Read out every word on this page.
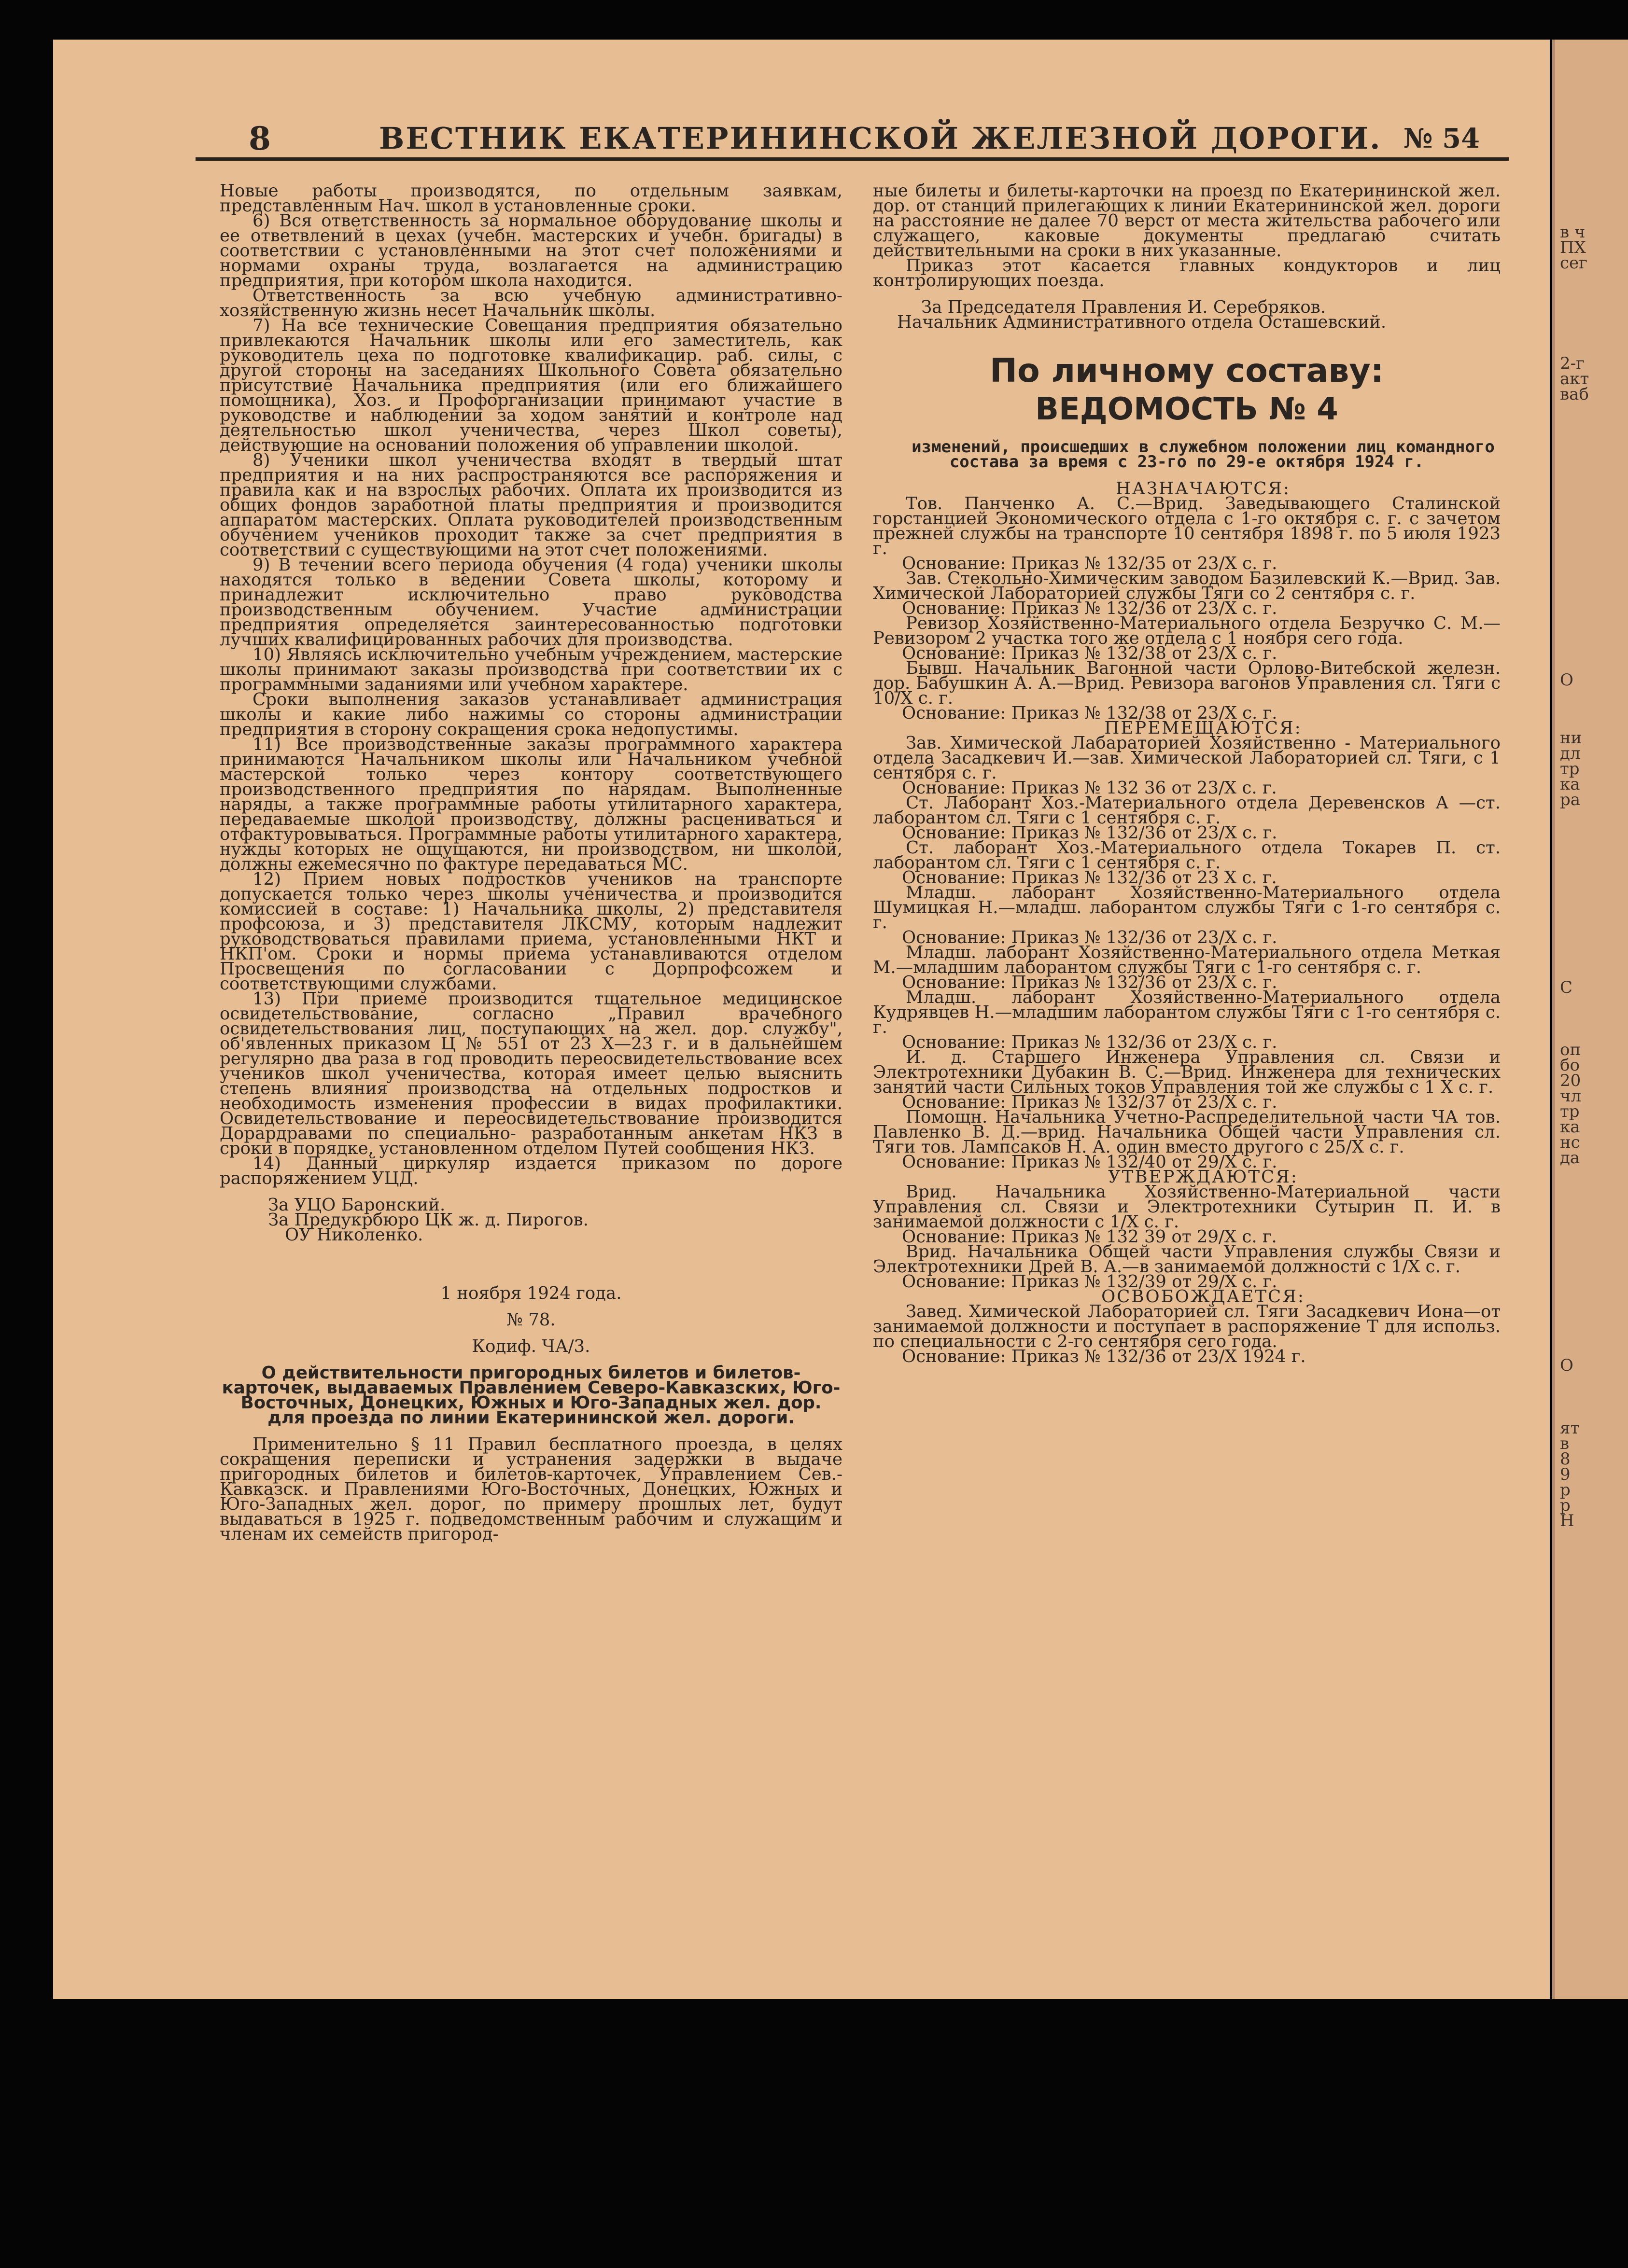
в ч
ПХ
сег
2-г
акт
ваб
О
ни
дл
тр
ка
ра
С
оп
бо
20
чл
тр
ка
нс
да
О
ят
в
8
9
р
р
Н
8	ВЕСТНИК ЕКАТЕРИНИНСКОЙ ЖЕЛЕЗНОЙ ДОРОГИ. № 54

Новые работы производятся, по отдельным заявкам, представленным Нач. школ в установленные сроки.

6) Вся ответственность за нормальное оборудование школы и ее ответвлений в цехах (учебн. мастерских и учебн. бригады) в соответствии с установленными на этот счет положениями и нормами охраны труда, возлагается на администрацию предприятия, при котором школа находится.

Ответственность за всю учебную административно-хозяйственную жизнь несет Начальник школы.

7) На все технические Совещания предприятия обязательно привлекаются Начальник школы или его заместитель, как руководитель цеха по подготовке квалификацир. раб. силы, с другой стороны на заседаниях Школьного Совета обязательно присутствие Начальника предприятия (или его ближайшего помощника), Хоз. и Профорганизации принимают участие в руководстве и наблюдении за ходом занятий и контроле над деятельностью школ ученичества, через Школ советы), действующие на основании положения об управлении школой.

8) Ученики школ ученичества входят в твердый штат предприятия и на них распространяются все распоряжения и правила как и на взрослых рабочих. Оплата их производится из общих фондов заработной платы предприятия и производится аппаратом мастерских. Оплата руководителей производственным обучением учеников проходит также за счет предприятия в соответствии с существующими на этот счет положениями.

9) В течении всего периода обучения (4 года) ученики школы находятся только в ведении Совета школы, которому и принадлежит исключительно право руководства производственным обучением. Участие администрации предприятия определяется заинтересованностью подготовки лучших квалифицированных рабочих для производства.

10) Являясь исключительно учебным учреждением, мастерские школы принимают заказы производства при соответствии их с программными заданиями или учебном характере.

Сроки выполнения заказов устанавливает администрация школы и какие либо нажимы со стороны администрации предприятия в сторону сокращения срока недопустимы.

11) Все производственные заказы программного характера принимаются Начальником школы или Начальником учебной мастерской только через контору соответствующего производственного предприятия по нарядам. Выполненные наряды, а также программные работы утилитарного характера, передаваемые школой производству, должны расцениваться и отфактуровываться. Программные работы утилитарного характера, нужды которых не ощущаются, ни производством, ни школой, должны ежемесячно по фактуре передаваться МС.

12) Прием новых подростков учеников на транспорте допускается только через школы ученичества и производится комиссией в составе: 1) Начальника школы, 2) представителя профсоюза, и 3) представителя ЛКСМУ, которым надлежит руководствоваться правилами приема, установленными НКТ и НКП'ом. Сроки и нормы приема устанавливаются отделом Просвещения по согласовании с Дорпрофсожем и соответствующими службами.

13) При приеме производится тщательное медицинское освидетельствование, согласно „Правил врачебного освидетельствования лиц, поступающих на жел. дор. службу", об'явленных приказом Ц № 551 от 23 Х—23 г. и в дальнейшем регулярно два раза в год проводить переосвидетельствование всех учеников школ ученичества, которая имеет целью выяснить степень влияния производства на отдельных подростков и необходимость изменения профессии в видах профилактики. Освидетельствование и переосвидетельствование производится Дорардравами по специально- разработанным анкетам НКЗ в сроки в порядке, установленном отделом Путей сообщения НКЗ.

14) Данный циркуляр издается приказом по дороге распоряжением УЦД.

За УЦО Баронский.

За Предукрбюро ЦК ж. д. Пирогов.

ОУ Николенко.

1 ноября 1924 года.

№ 78.

Кодиф. ЧА/3.

О действительности пригородных билетов и билетов-карточек, выдаваемых Правлением Северо-Кавказских, Юго-Восточных, Донецких, Южных и Юго-Западных жел. дор. для проезда по линии Екатерининской жел. дороги.

Применительно § 11 Правил бесплатного проезда, в целях сокращения переписки и устранения задержки в выдаче пригородных билетов и билетов-карточек, Управлением Сев.-Кавказск. и Правлениями Юго-Восточных, Донецких, Южных и Юго-Западных жел. дорог, по примеру прошлых лет, будут выдаваться в 1925 г. подведомственным рабочим и служащим и членам их семейств пригород-

ные билеты и билеты-карточки на проезд по Екатерининской жел. дор. от станций прилегающих к линии Екатерининской жел. дороги на расстояние не далее 70 верст от места жительства рабочего или служащего, каковые документы предлагаю считать действительными на сроки в них указанные.

Приказ этот касается главных кондукторов и лиц контролирующих поезда.

За Председателя Правления И. Серебряков.

Начальник Административного отдела Осташевский.

По личному составу:
ВЕДОМОСТЬ № 4

изменений, происшедших в служебном положении лиц командного состава за время с 23-го по 29-е октября 1924 г.

НАЗНАЧАЮТСЯ:

Тов. Панченко А. С.—Врид. Заведывающего Сталинской горстанцией Экономического отдела с 1-го октября с. г. с зачетом прежней службы на транспорте 10 сентября 1898 г. по 5 июля 1923 г.

Основание: Приказ № 132/35 от 23/X с. г.

Зав. Стекольно-Химическим заводом Базилевский К.—Врид. Зав. Химической Лабораторией службы Тяги со 2 сентября с. г.

Основание: Приказ № 132/36 от 23/X с. г.

Ревизор Хозяйственно-Материального отдела Безручко С. М.—Ревизором 2 участка того же отдела с 1 ноября сего года.

Основание: Приказ № 132/38 от 23/X с. г.

Бывш. Начальник Вагонной части Орлово-Витебской железн. дор. Бабушкин А. А.—Врид. Ревизора вагонов Управления сл. Тяги с 10/X с. г.

Основание: Приказ № 132/38 от 23/X с. г.

ПЕРЕМЕЩАЮТСЯ:

Зав. Химической Лабараторией Хозяйственно - Материального отдела Засадкевич И.—зав. Химической Лабораторией сл. Тяги, с 1 сентября с. г.

Основание: Приказ № 132 36 от 23/X с. г.

Ст. Лаборант Хоз.-Материального отдела Деревенсков А —ст. лаборантом сл. Тяги с 1 сентября с. г.

Основание: Приказ № 132/36 от 23/X с. г.

Ст. лаборант Хоз.-Материального отдела Токарев П. ст. лаборантом сл. Тяги с 1 сентября с. г.

Основание: Приказ № 132/36 от 23 X с. г.

Младш. лаборант Хозяйственно-Материального отдела Шумицкая Н.—младш. лаборантом службы Тяги с 1-го сентября с. г.

Основание: Приказ № 132/36 от 23/X с. г.

Младш. лаборант Хозяйственно-Материального отдела Меткая М.—младшим лаборантом службы Тяги с 1-го сентября с. г.

Основание: Приказ № 132/36 от 23/X с. г.

Младш. лаборант Хозяйственно-Материального отдела Кудрявцев Н.—младшим лаборантом службы Тяги с 1-го сентября с. г.

Основание: Приказ № 132/36 от 23/X с. г.

И. д. Старшего Инженера Управления сл. Связи и Электротехники Дубакин В. С.—Врид. Инженера для технических занятий части Сильных токов Управления той же службы с 1 X с. г.

Основание: Приказ № 132/37 от 23/X с. г.

Помощн. Начальника Учетно-Распределительной части ЧА тов. Павленко В. Д.—врид. Начальника Общей части Управления сл. Тяги тов. Лампсаков Н. А. один вместо другого с 25/X с. г.

Основание: Приказ № 132/40 от 29/X с. г.

УТВЕРЖДАЮТСЯ:

Врид. Начальника Хозяйственно-Материальной части Управления сл. Связи и Электротехники Сутырин П. И. в занимаемой должности с 1/X с. г.

Основание: Приказ № 132 39 от 29/X с. г.

Врид. Начальника Общей части Управления службы Связи и Электротехники Дрей В. А.—в занимаемой должности с 1/X с. г.

Основание: Приказ № 132/39 от 29/X с. г.

ОСВОБОЖДАЕТСЯ:

Завед. Химической Лабораторией сл. Тяги Засадкевич Иона—от занимаемой должности и поступает в распоряжение Т для использ. по специальности с 2-го сентября сего года.

Основание: Приказ № 132/36 от 23/X 1924 г.
